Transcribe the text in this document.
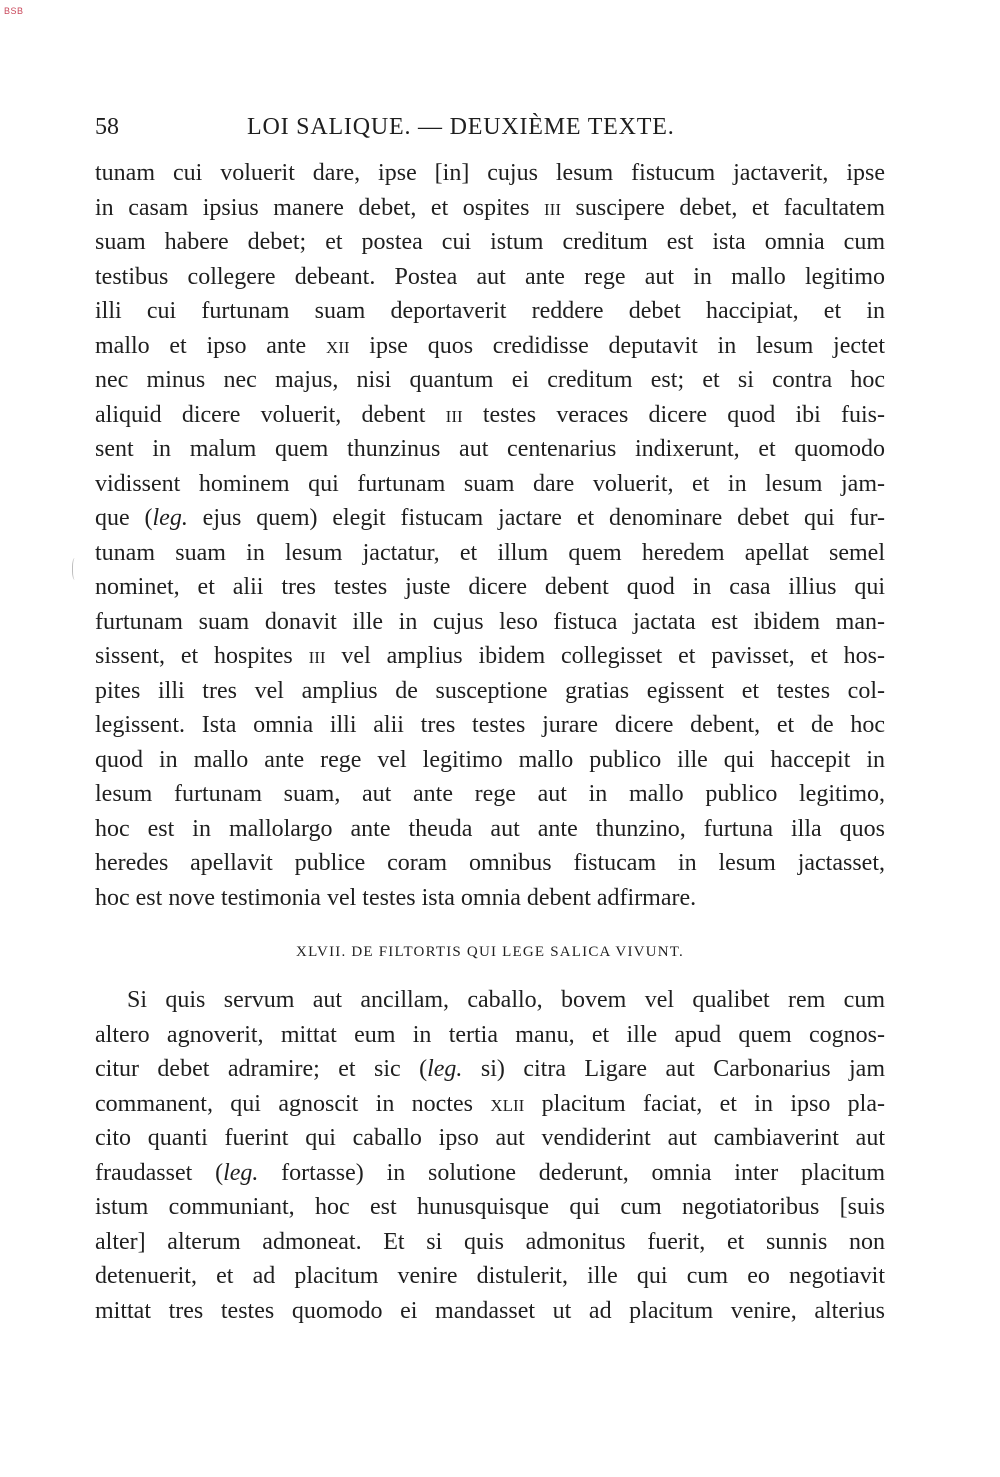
BSB
58	LOI SALIQUE. — DEUXIÈME TEXTE.
tunam cui voluerit dare, ipse [in] cujus lesum fistucum jactaverit, ipse
in casam ipsius manere debet, et ospites iii suscipere debet, et facultatem
suam habere debet; et postea cui istum creditum est ista omnia cum
testibus collegere debeant. Postea aut ante rege aut in mallo legitimo
illi cui furtunam suam deportaverit reddere debet haccipiat, et in
mallo et ipso ante xii ipse quos credidisse deputavit in lesum jectet
nec minus nec majus, nisi quantum ei creditum est; et si contra hoc
aliquid dicere voluerit, debent iii testes veraces dicere quod ibi fuis-
sent in malum quem thunzinus aut centenarius indixerunt, et quomodo
vidissent hominem qui furtunam suam dare voluerit, et in lesum jam-
que (leg. ejus quem) elegit fistucam jactare et denominare debet qui fur-
tunam suam in lesum jactatur, et illum quem heredem apellat semel
nominet, et alii tres testes juste dicere debent quod in casa illius qui
furtunam suam donavit ille in cujus leso fistuca jactata est ibidem man-
sissent, et hospites iii vel amplius ibidem collegisset et pavisset, et hos-
pites illi tres vel amplius de susceptione gratias egissent et testes col-
legissent. Ista omnia illi alii tres testes jurare dicere debent, et de hoc
quod in mallo ante rege vel legitimo mallo publico ille qui haccepit in
lesum furtunam suam, aut ante rege aut in mallo publico legitimo,
hoc est in mallolargo ante theuda aut ante thunzino, furtuna illa quos
heredes apellavit publice coram omnibus fistucam in lesum jactasset,
hoc est nove testimonia vel testes ista omnia debent adfirmare.
XLVII. DE FILTORTIS QUI LEGE SALICA VIVUNT.
Si quis servum aut ancillam, caballo, bovem vel qualibet rem cum
altero agnoverit, mittat eum in tertia manu, et ille apud quem cognos-
citur debet adramire; et sic (leg. si) citra Ligare aut Carbonarius jam
commanent, qui agnoscit in noctes xlii placitum faciat, et in ipso pla-
cito quanti fuerint qui caballo ipso aut vendiderint aut cambiaverint aut
fraudasset (leg. fortasse) in solutione dederunt, omnia inter placitum
istum communiant, hoc est hunusquisque qui cum negotiatoribus [suis
alter] alterum admoneat. Et si quis admonitus fuerit, et sunnis non
detenuerit, et ad placitum venire distulerit, ille qui cum eo negotiavit
mittat tres testes quomodo ei mandasset ut ad placitum venire, alterius
